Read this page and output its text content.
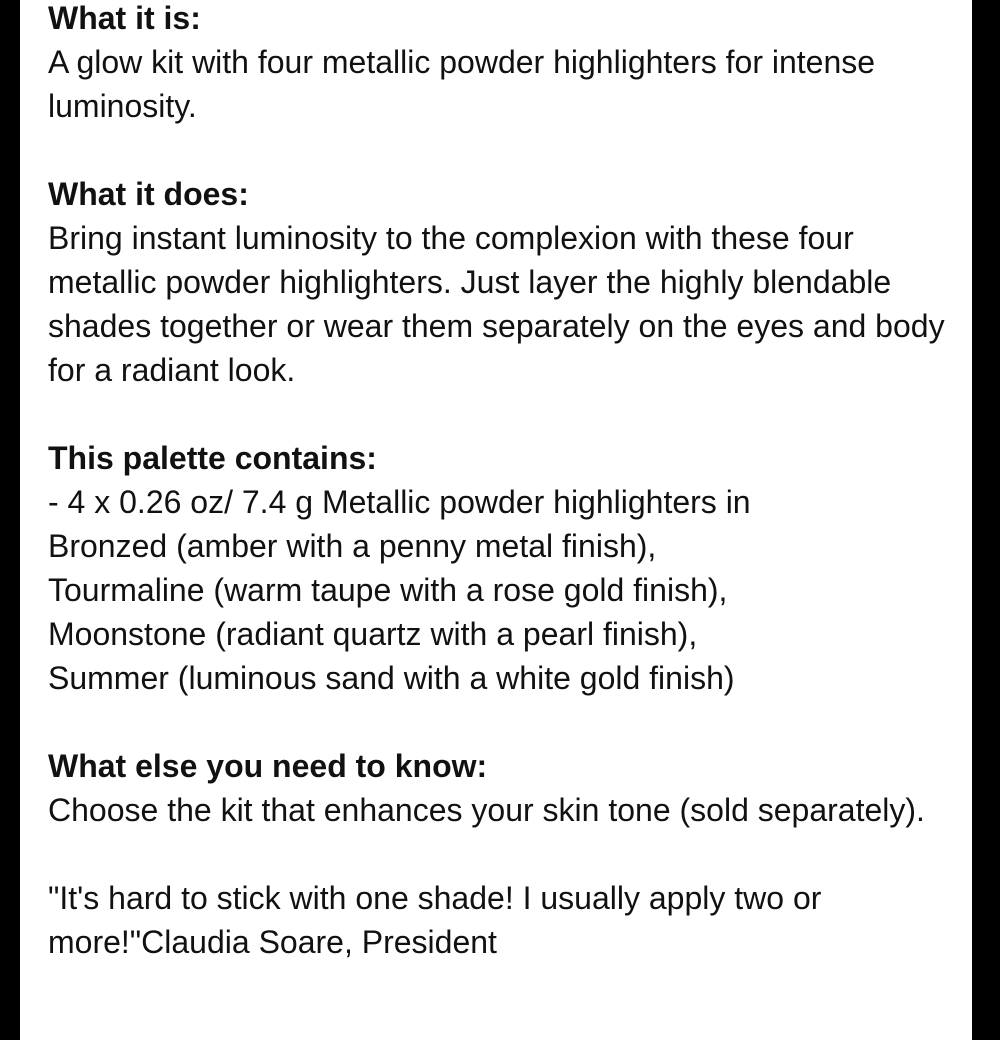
What it is:

A glow kit with four metallic powder highlighters for intense luminosity.

What it does:

Bring instant luminosity to the complexion with these four metallic powder highlighters. Just layer the highly blendable shades together or wear them separately on the eyes and body for a radiant look.

This palette contains:

- 4 x 0.26 oz/ 7.4 g Metallic powder highlighters in

Bronzed (amber with a penny metal finish),

Tourmaline (warm taupe with a rose gold finish),

Moonstone (radiant quartz with a pearl finish),

Summer (luminous sand with a white gold finish)

What else you need to know:

Choose the kit that enhances your skin tone (sold separately).

"It's hard to stick with one shade! I usually apply two or more!"Claudia Soare, President
